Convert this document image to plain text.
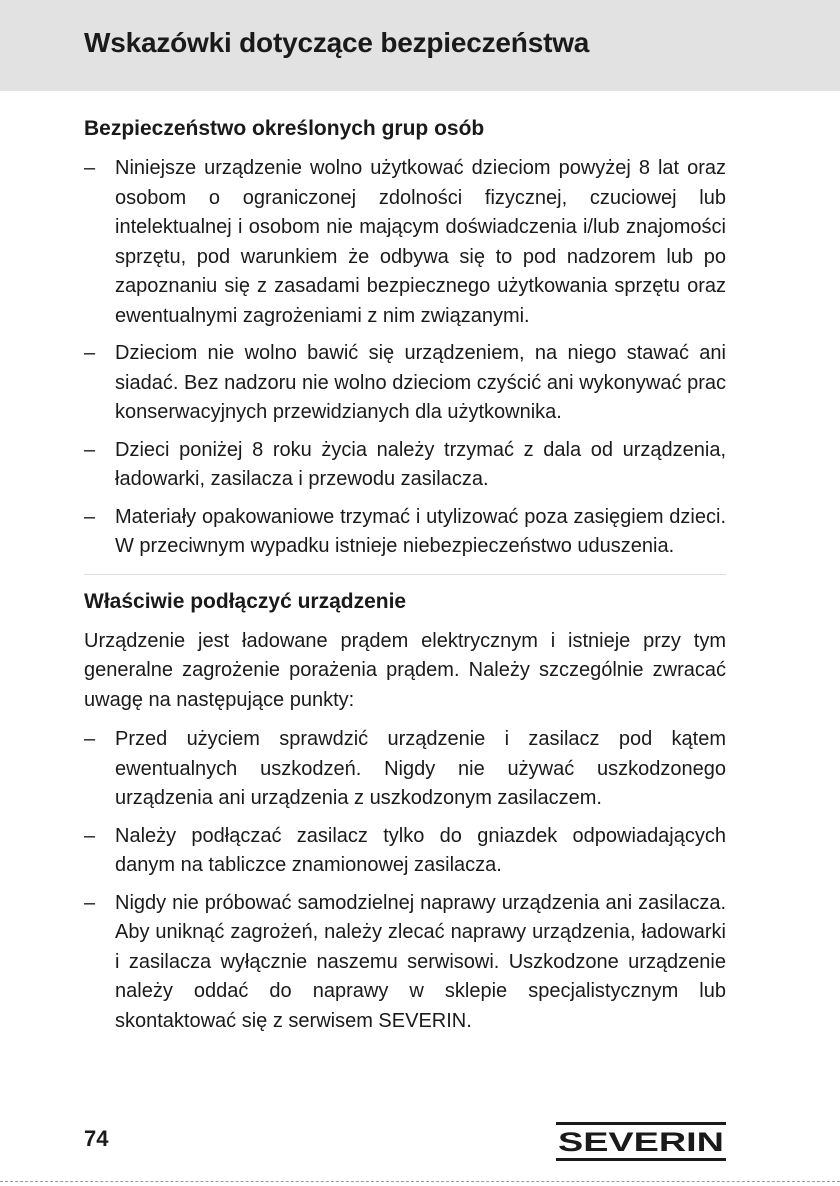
Wskazówki dotyczące bezpieczeństwa
Bezpieczeństwo określonych grup osób
– Niniejsze urządzenie wolno użytkować dzieciom powyżej 8 lat oraz osobom o ograniczonej zdolności fizycznej, czuciowej lub intelektualnej i osobom nie mającym doświadczenia i/lub znajomości sprzętu, pod warunkiem że odbywa się to pod nadzorem lub po zapoznaniu się z zasadami bezpiecznego użytkowania sprzętu oraz ewentualnymi zagrożeniami z nim związanymi.
– Dzieciom nie wolno bawić się urządzeniem, na niego stawać ani siadać. Bez nadzoru nie wolno dzieciom czyścić ani wykonywać prac konserwacyjnych przewidzianych dla użytkownika.
– Dzieci poniżej 8 roku życia należy trzymać z dala od urządzenia, ładowarki, zasilacza i przewodu zasilacza.
– Materiały opakowaniowe trzymać i utylizować poza zasięgiem dzieci. W przeciwnym wypadku istnieje niebezpieczeństwo uduszenia.
Właściwie podłączyć urządzenie

Urządzenie jest ładowane prądem elektrycznym i istnieje przy tym generalne zagrożenie porażenia prądem. Należy szczególnie zwracać uwagę na następujące punkty:

– Przed użyciem sprawdzić urządzenie i zasilacz pod kątem ewentualnych uszkodzeń. Nigdy nie używać uszkodzonego urządzenia ani urządzenia z uszkodzonym zasilaczem.
– Należy podłączać zasilacz tylko do gniazdek odpowiadających danym na tabliczce znamionowej zasilacza.
– Nigdy nie próbować samodzielnej naprawy urządzenia ani zasilacza. Aby uniknąć zagrożeń, należy zlecać naprawy urządzenia, ładowarki i zasilacza wyłącznie naszemu serwisowi. Uszkodzone urządzenie należy oddać do naprawy w sklepie specjalistycznym lub skontaktować się z serwisem SEVERIN.
74	SEVERIN
